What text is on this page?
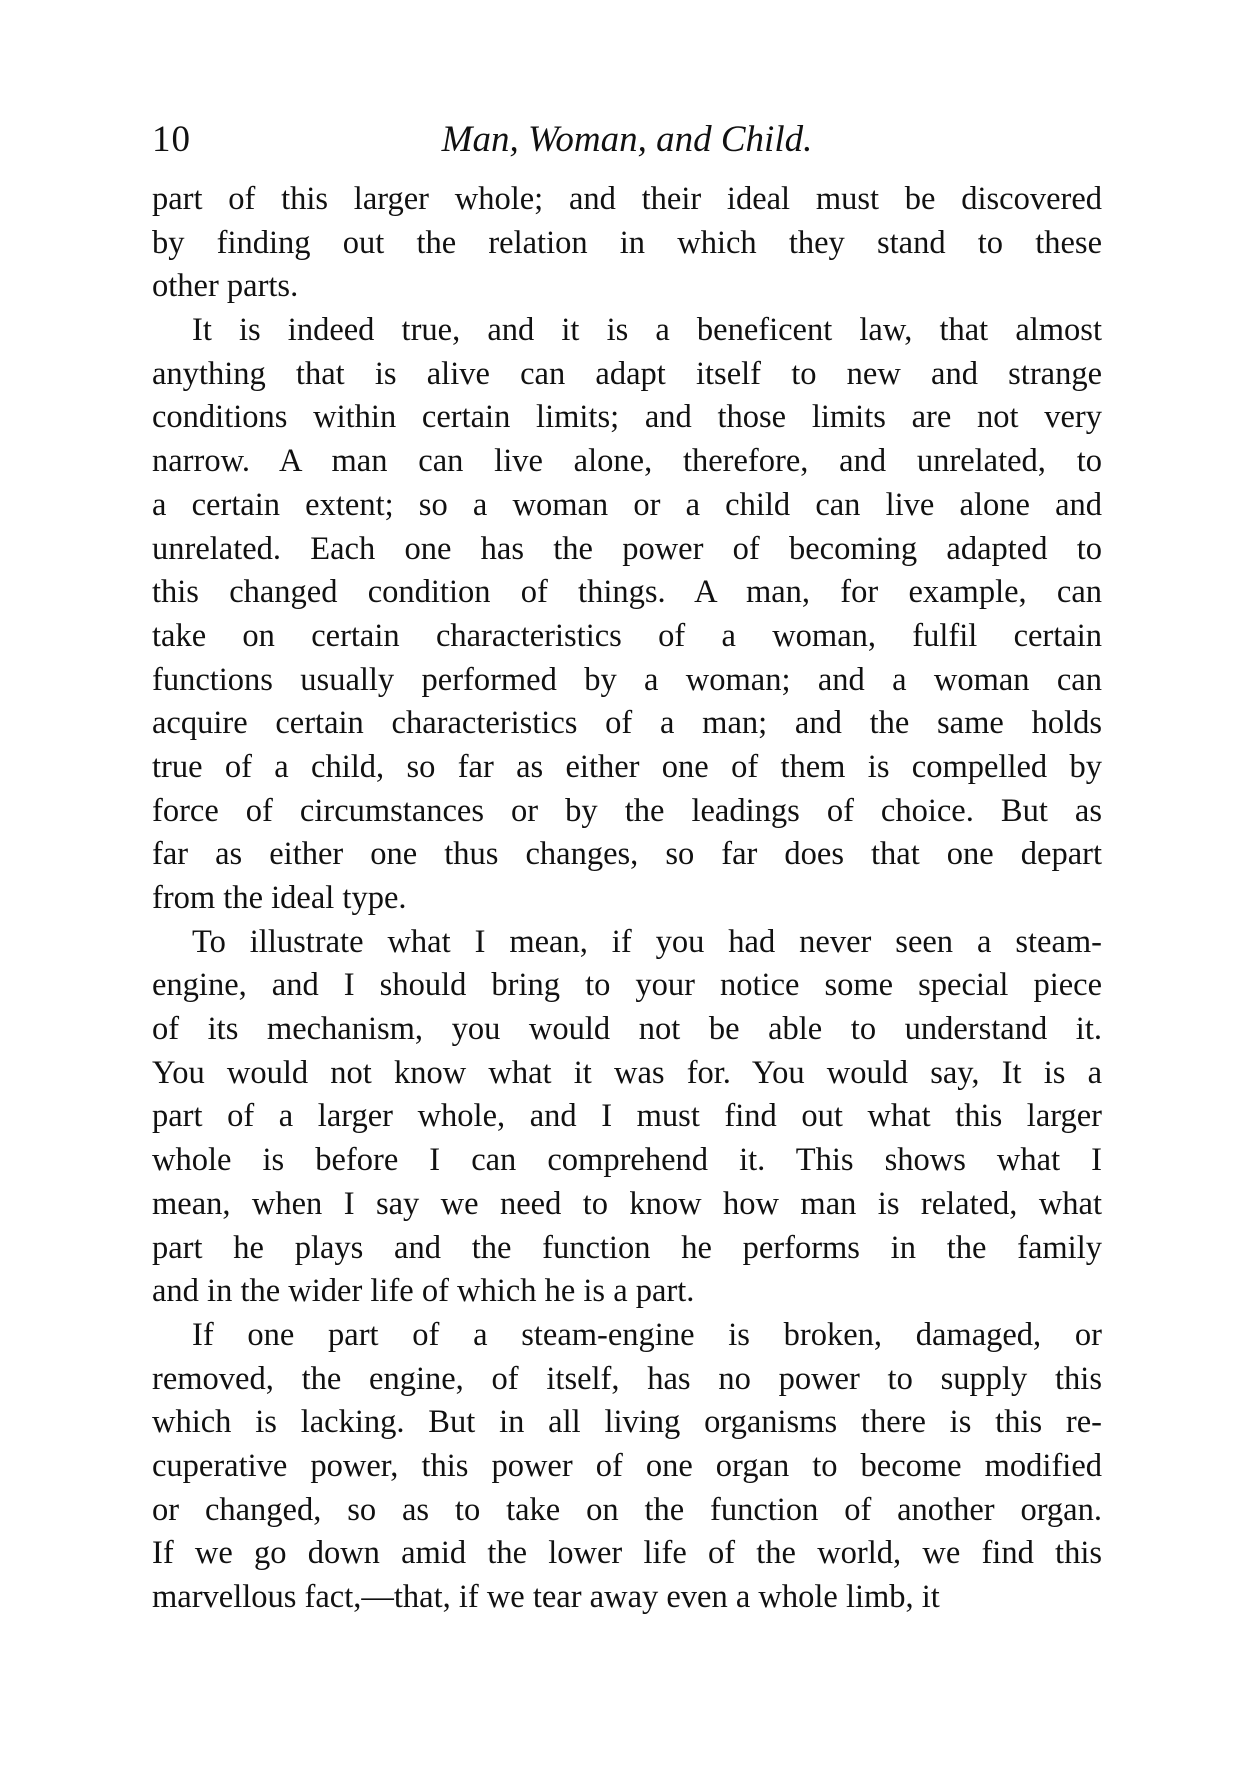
10	Man, Woman, and Child.
part of this larger whole; and their ideal must be discovered
by finding out the relation in which they stand to these
other parts.
It is indeed true, and it is a beneficent law, that almost
anything that is alive can adapt itself to new and strange
conditions within certain limits; and those limits are not very
narrow. A man can live alone, therefore, and unrelated, to
a certain extent; so a woman or a child can live alone and
unrelated. Each one has the power of becoming adapted to
this changed condition of things. A man, for example, can
take on certain characteristics of a woman, fulfil certain
functions usually performed by a woman; and a woman can
acquire certain characteristics of a man; and the same holds
true of a child, so far as either one of them is compelled by
force of circumstances or by the leadings of choice. But as
far as either one thus changes, so far does that one depart
from the ideal type.
To illustrate what I mean, if you had never seen a steam-
engine, and I should bring to your notice some special piece
of its mechanism, you would not be able to understand it.
You would not know what it was for. You would say, It is a
part of a larger whole, and I must find out what this larger
whole is before I can comprehend it. This shows what I
mean, when I say we need to know how man is related, what
part he plays and the function he performs in the family
and in the wider life of which he is a part.
If one part of a steam-engine is broken, damaged, or
removed, the engine, of itself, has no power to supply this
which is lacking. But in all living organisms there is this re-
cuperative power, this power of one organ to become modified
or changed, so as to take on the function of another organ.
If we go down amid the lower life of the world, we find this
marvellous fact,—that, if we tear away even a whole limb, it
